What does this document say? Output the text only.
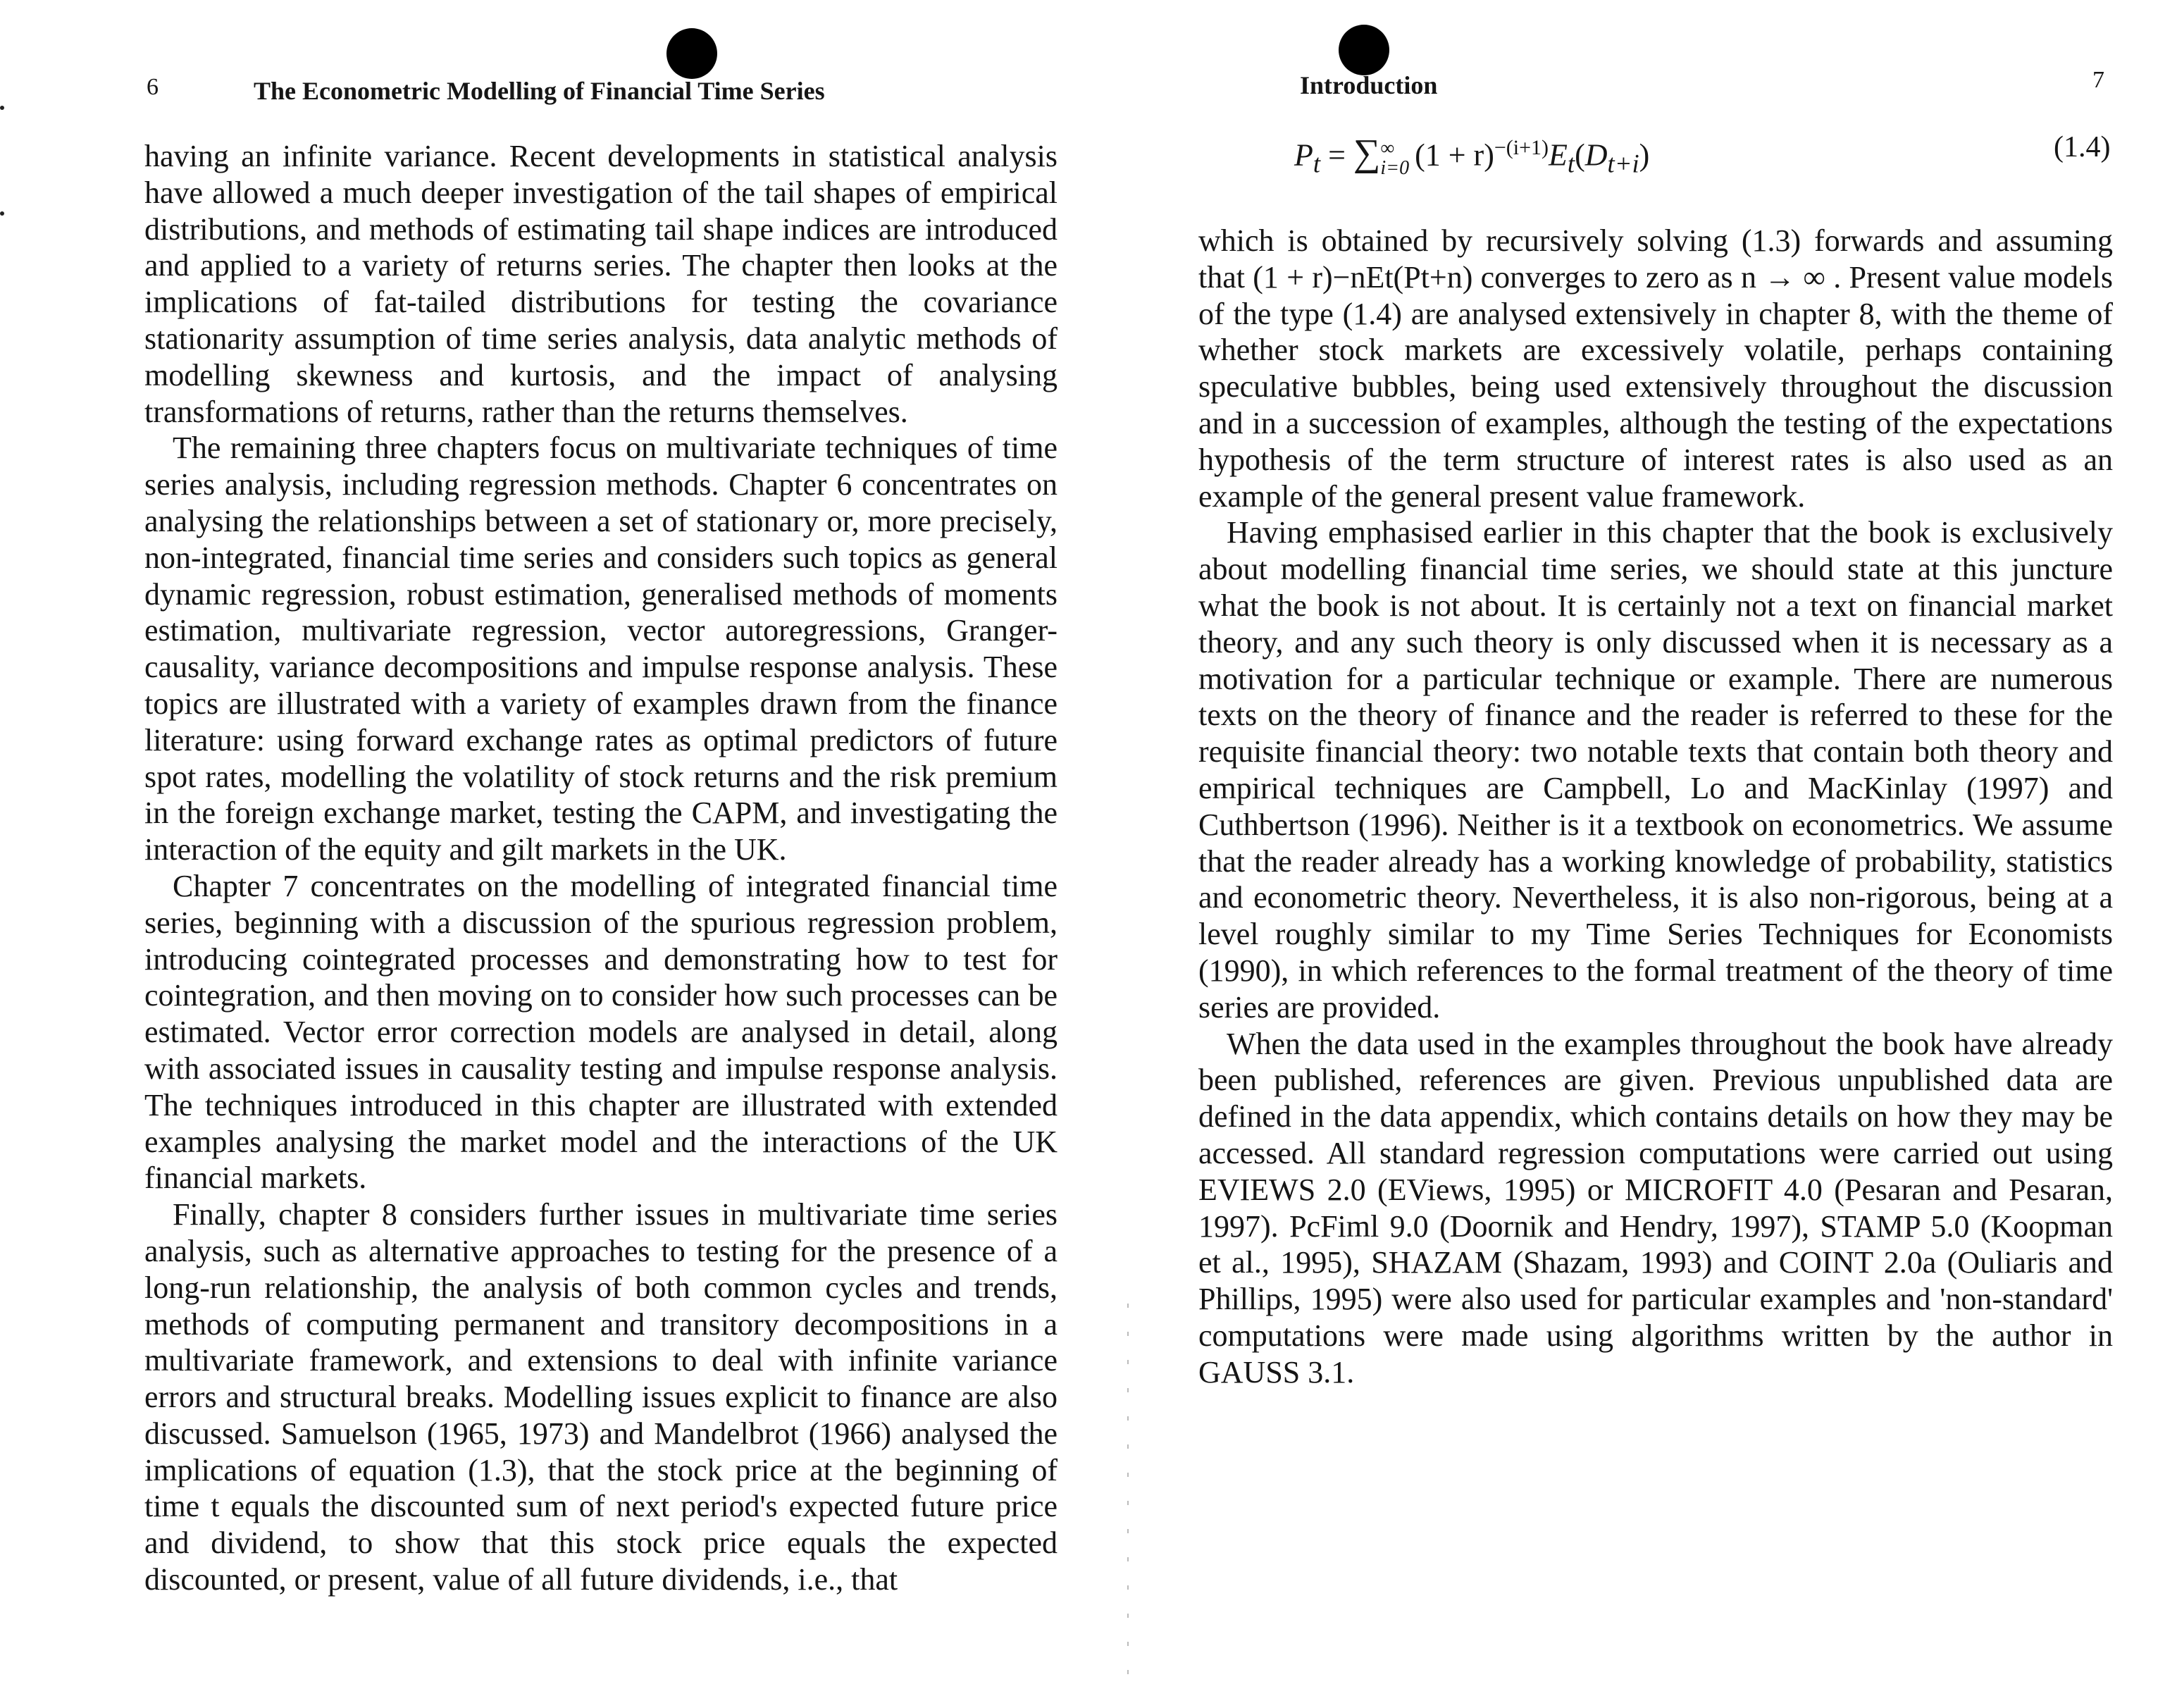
6	The Econometric Modelling of Financial Time Series

having an infinite variance. Recent developments in statistical analysis have allowed a much deeper investigation of the tail shapes of empirical distributions, and methods of estimating tail shape indices are introduced and applied to a variety of returns series. The chapter then looks at the implications of fat-tailed distributions for testing the covariance stationarity assumption of time series analysis, data analytic methods of modelling skewness and kurtosis, and the impact of analysing transformations of returns, rather than the returns themselves.

The remaining three chapters focus on multivariate techniques of time series analysis, including regression methods. Chapter 6 concentrates on analysing the relationships between a set of stationary or, more precisely, non-integrated, financial time series and considers such topics as general dynamic regression, robust estimation, generalised methods of moments estimation, multivariate regression, vector autoregressions, Granger-causality, variance decompositions and impulse response analysis. These topics are illustrated with a variety of examples drawn from the finance literature: using forward exchange rates as optimal predictors of future spot rates, modelling the volatility of stock returns and the risk premium in the foreign exchange market, testing the CAPM, and investigating the interaction of the equity and gilt markets in the UK.

Chapter 7 concentrates on the modelling of integrated financial time series, beginning with a discussion of the spurious regression problem, introducing cointegrated processes and demonstrating how to test for cointegration, and then moving on to consider how such processes can be estimated. Vector error correction models are analysed in detail, along with associated issues in causality testing and impulse response analysis. The techniques introduced in this chapter are illustrated with extended examples analysing the market model and the interactions of the UK financial markets.

Finally, chapter 8 considers further issues in multivariate time series analysis, such as alternative approaches to testing for the presence of a long-run relationship, the analysis of both common cycles and trends, methods of computing permanent and transitory decompositions in a multivariate framework, and extensions to deal with infinite variance errors and structural breaks. Modelling issues explicit to finance are also discussed. Samuelson (1965, 1973) and Mandelbrot (1966) analysed the implications of equation (1.3), that the stock price at the beginning of time t equals the discounted sum of next period's expected future price and dividend, to show that this stock price equals the expected discounted, or present, value of all future dividends, i.e., that

Introduction	7
$P_t$ = ∑ ∞
i=0 $(1 + r)^{-(i+1)}E_t(D_{t+i})$	(1.4)

which is obtained by recursively solving (1.3) forwards and assuming that (1 + r)−nEt(Pt+n) converges to zero as n → ∞ . Present value models of the type (1.4) are analysed extensively in chapter 8, with the theme of whether stock markets are excessively volatile, perhaps containing speculative bubbles, being used extensively throughout the discussion and in a succession of examples, although the testing of the expectations hypothesis of the term structure of interest rates is also used as an example of the general present value framework.

Having emphasised earlier in this chapter that the book is exclusively about modelling financial time series, we should state at this juncture what the book is not about. It is certainly not a text on financial market theory, and any such theory is only discussed when it is necessary as a motivation for a particular technique or example. There are numerous texts on the theory of finance and the reader is referred to these for the requisite financial theory: two notable texts that contain both theory and empirical techniques are Campbell, Lo and MacKinlay (1997) and Cuthbertson (1996). Neither is it a textbook on econometrics. We assume that the reader already has a working knowledge of probability, statistics and econometric theory. Nevertheless, it is also non-rigorous, being at a level roughly similar to my Time Series Techniques for Economists (1990), in which references to the formal treatment of the theory of time series are provided.

When the data used in the examples throughout the book have already been published, references are given. Previous unpublished data are defined in the data appendix, which contains details on how they may be accessed. All standard regression computations were carried out using EVIEWS 2.0 (EViews, 1995) or MICROFIT 4.0 (Pesaran and Pesaran, 1997). PcFiml 9.0 (Doornik and Hendry, 1997), STAMP 5.0 (Koopman et al., 1995), SHAZAM (Shazam, 1993) and COINT 2.0a (Ouliaris and Phillips, 1995) were also used for particular examples and 'non-standard' computations were made using algorithms written by the author in GAUSS 3.1.
